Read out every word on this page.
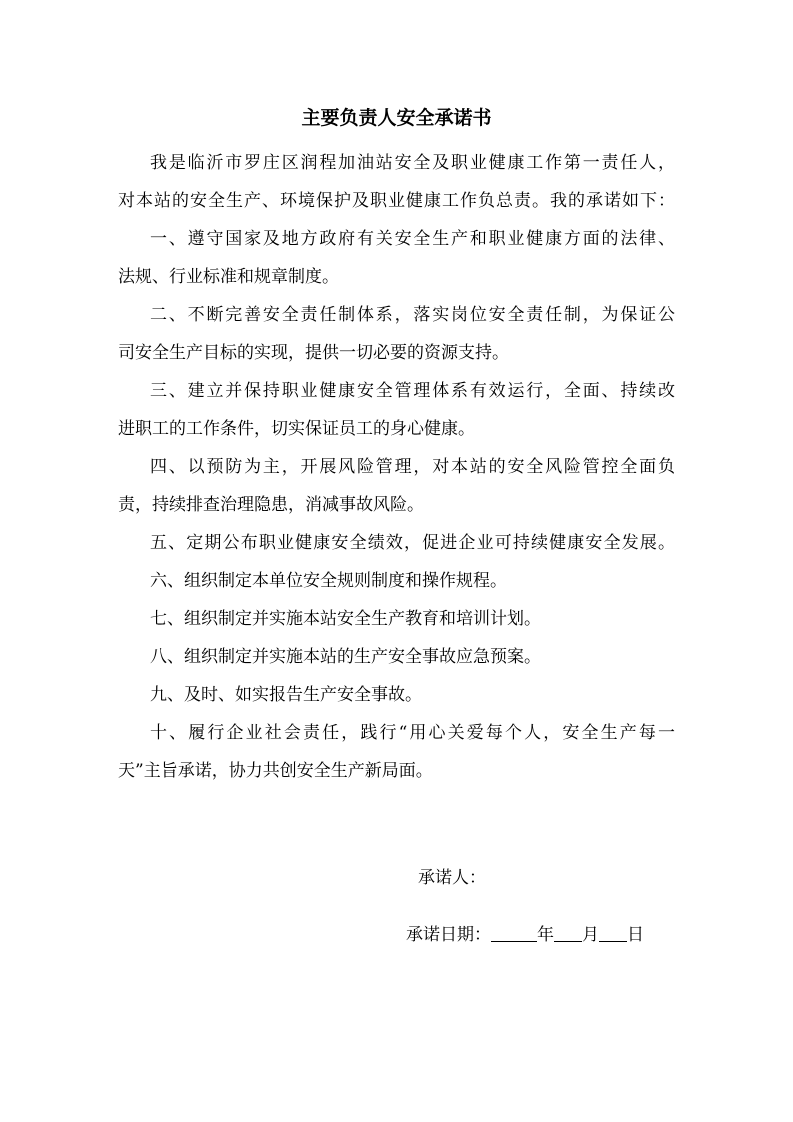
主要负责人安全承诺书
我是临沂市罗庄区润程加油站安全及职业健康工作第一责任人，
对本站的安全生产、环境保护及职业健康工作负总责。我的承诺如下：
一、遵守国家及地方政府有关安全生产和职业健康方面的法律、
法规、行业标准和规章制度。
二、不断完善安全责任制体系，落实岗位安全责任制，为保证公
司安全生产目标的实现，提供一切必要的资源支持。
三、建立并保持职业健康安全管理体系有效运行，全面、持续改
进职工的工作条件，切实保证员工的身心健康。
四、以预防为主，开展风险管理，对本站的安全风险管控全面负
责，持续排查治理隐患，消减事故风险。
五、定期公布职业健康安全绩效，促进企业可持续健康安全发展。
六、组织制定本单位安全规则制度和操作规程。
七、组织制定并实施本站安全生产教育和培训计划。
八、组织制定并实施本站的生产安全事故应急预案。
九、及时、如实报告生产安全事故。
十、履行企业社会责任，践行“用心关爱每个人，安全生产每一
天”主旨承诺，协力共创安全生产新局面。
承诺人：
承诺日期：	年 月 日
